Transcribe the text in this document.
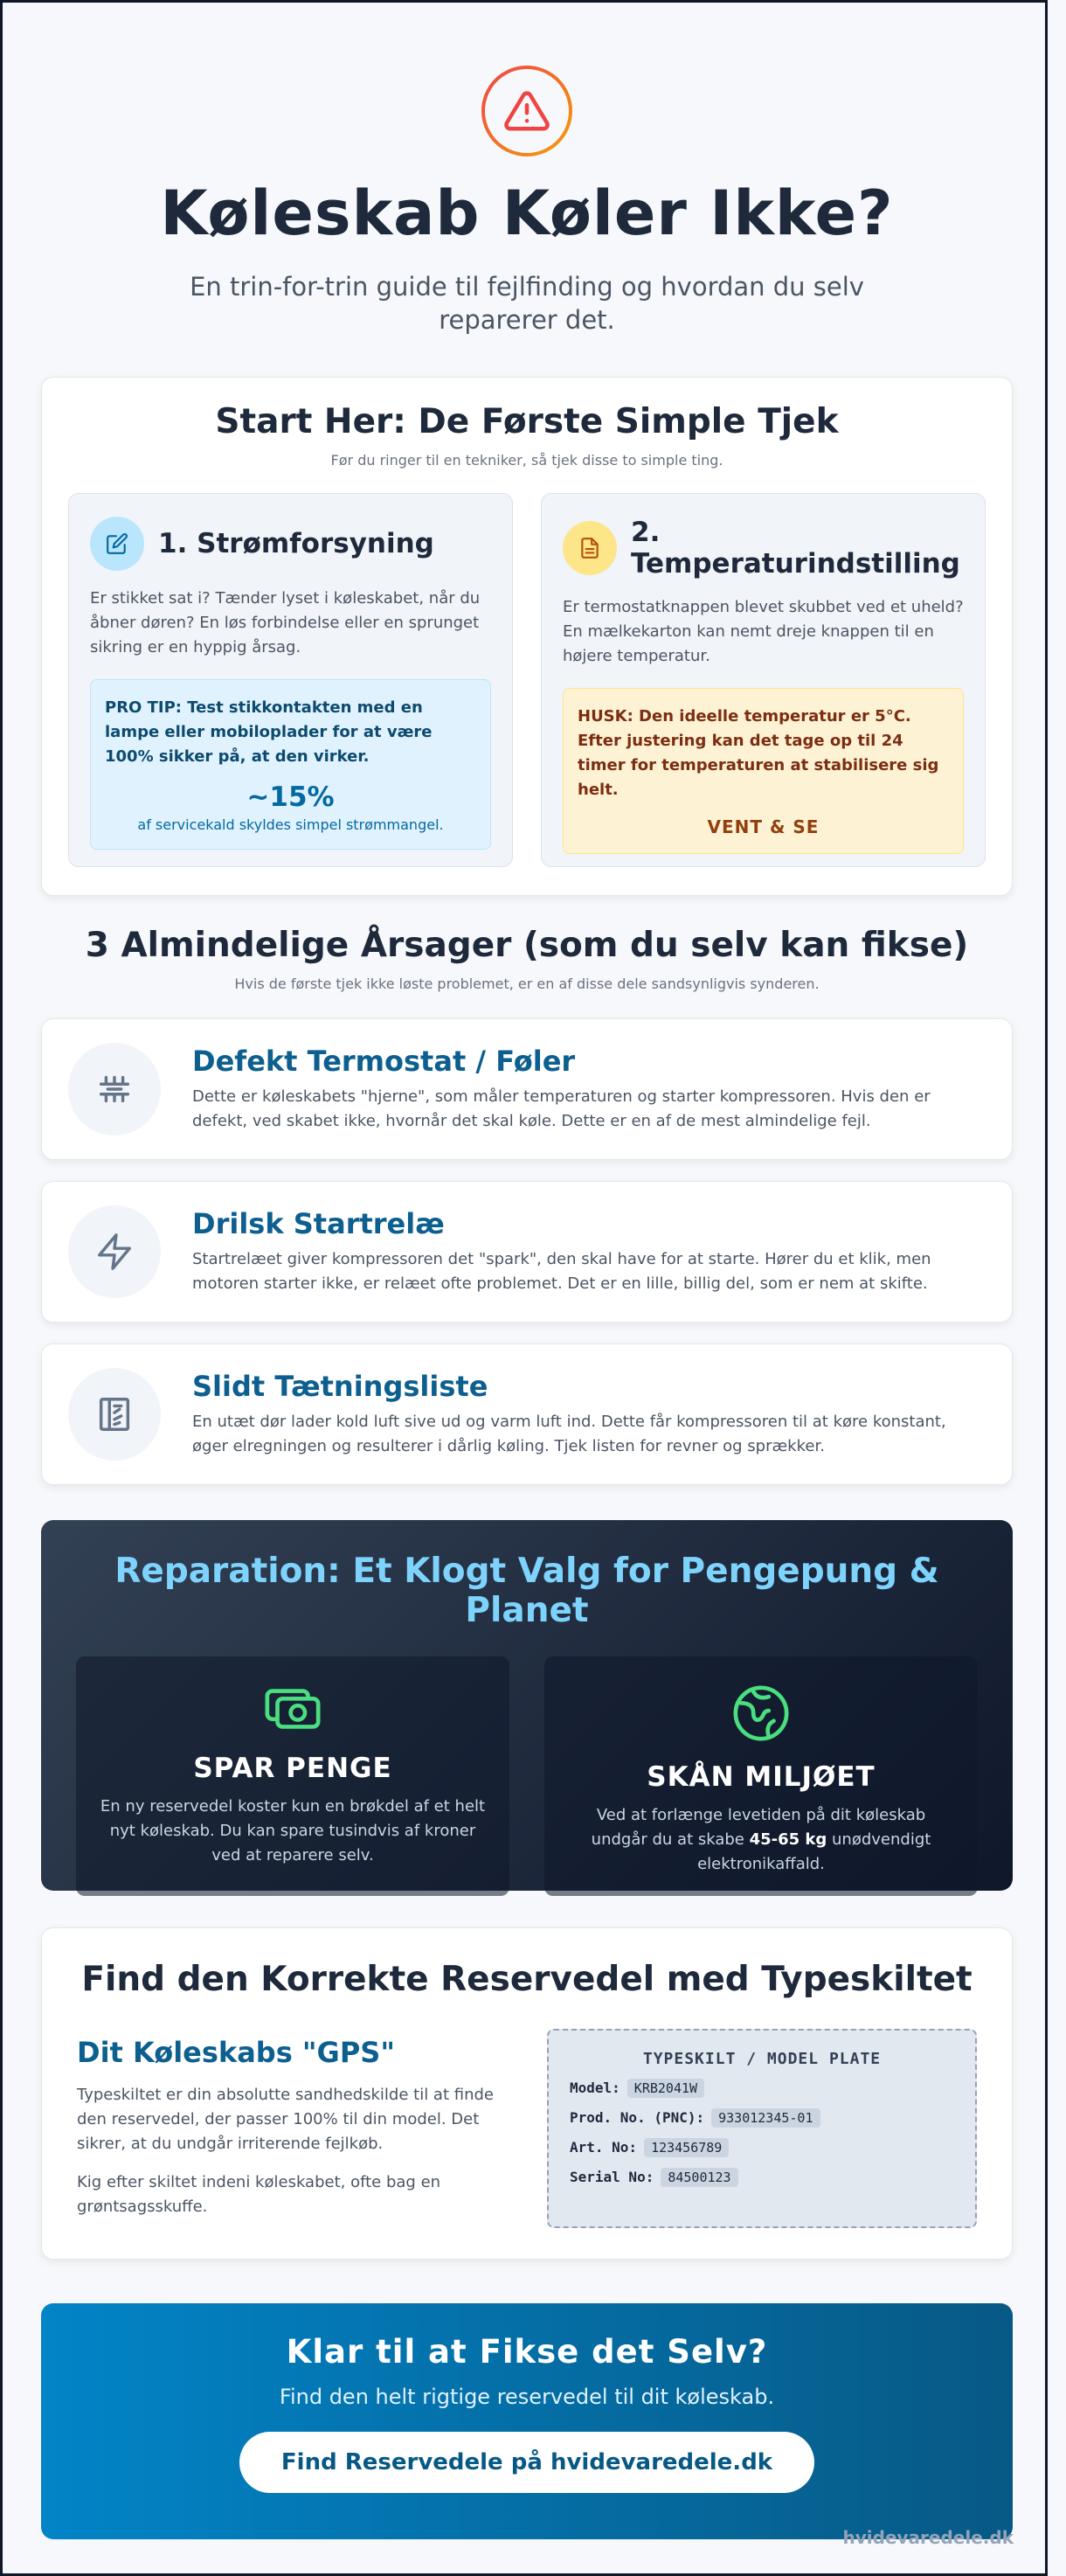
Køleskab Køler Ikke?

En trin-for-trin guide til fejlfinding og hvordan du selv reparerer det.

Start Her: De Første Simple Tjek
Før du ringer til en tekniker, så tjek disse to simple ting.
1. Strømforsyning

Er stikket sat i? Tænder lyset i køleskabet, når du åbner døren? En løs forbindelse eller en sprunget sikring er en hyppig årsag.

PRO TIP: Test stikkontakten med en lampe eller mobiloplader for at være 100% sikker på, at den virker.
~15%
af servicekald skyldes simpel strømmangel.
2. Temperaturindstilling

Er termostatknappen blevet skubbet ved et uheld? En mælkekarton kan nemt dreje knappen til en højere temperatur.

HUSK: Den ideelle temperatur er 5°C. Efter justering kan det tage op til 24 timer for temperaturen at stabilisere sig helt.
VENT & SE
3 Almindelige Årsager (som du selv kan fikse)
Hvis de første tjek ikke løste problemet, er en af disse dele sandsynligvis synderen.
Defekt Termostat / Føler

Dette er køleskabets "hjerne", som måler temperaturen og starter kompressoren. Hvis den er defekt, ved skabet ikke, hvornår det skal køle. Dette er en af de mest almindelige fejl.

Drilsk Startrelæ

Startrelæet giver kompressoren det "spark", den skal have for at starte. Hører du et klik, men motoren starter ikke, er relæet ofte problemet. Det er en lille, billig del, som er nem at skifte.

Slidt Tætningsliste

En utæt dør lader kold luft sive ud og varm luft ind. Dette får kompressoren til at køre konstant, øger elregningen og resulterer i dårlig køling. Tjek listen for revner og sprækker.

Reparation: Et Klogt Valg for Pengepung & Planet
SPAR PENGE

En ny reservedel koster kun en brøkdel af et helt nyt køleskab. Du kan spare tusindvis af kroner ved at reparere selv.

SKÅN MILJØET

Ved at forlænge levetiden på dit køleskab undgår du at skabe 45-65 kg unødvendigt elektronikaffald.

Find den Korrekte Reservedel med Typeskiltet
Dit Køleskabs "GPS"

Typeskiltet er din absolutte sandhedskilde til at finde den reservedel, der passer 100% til din model. Det sikrer, at du undgår irriterende fejlkøb.

Kig efter skiltet indeni køleskabet, ofte bag en grøntsagsskuffe.

TYPESKILT / MODEL PLATE
Model: KRB2041W
Prod. No. (PNC): 933012345-01
Art. No: 123456789
Serial No: 84500123
Klar til at Fikse det Selv?

Find den helt rigtige reservedel til dit køleskab.

Find Reservedele på hvidevaredele.dk
hvidevaredele.dk
